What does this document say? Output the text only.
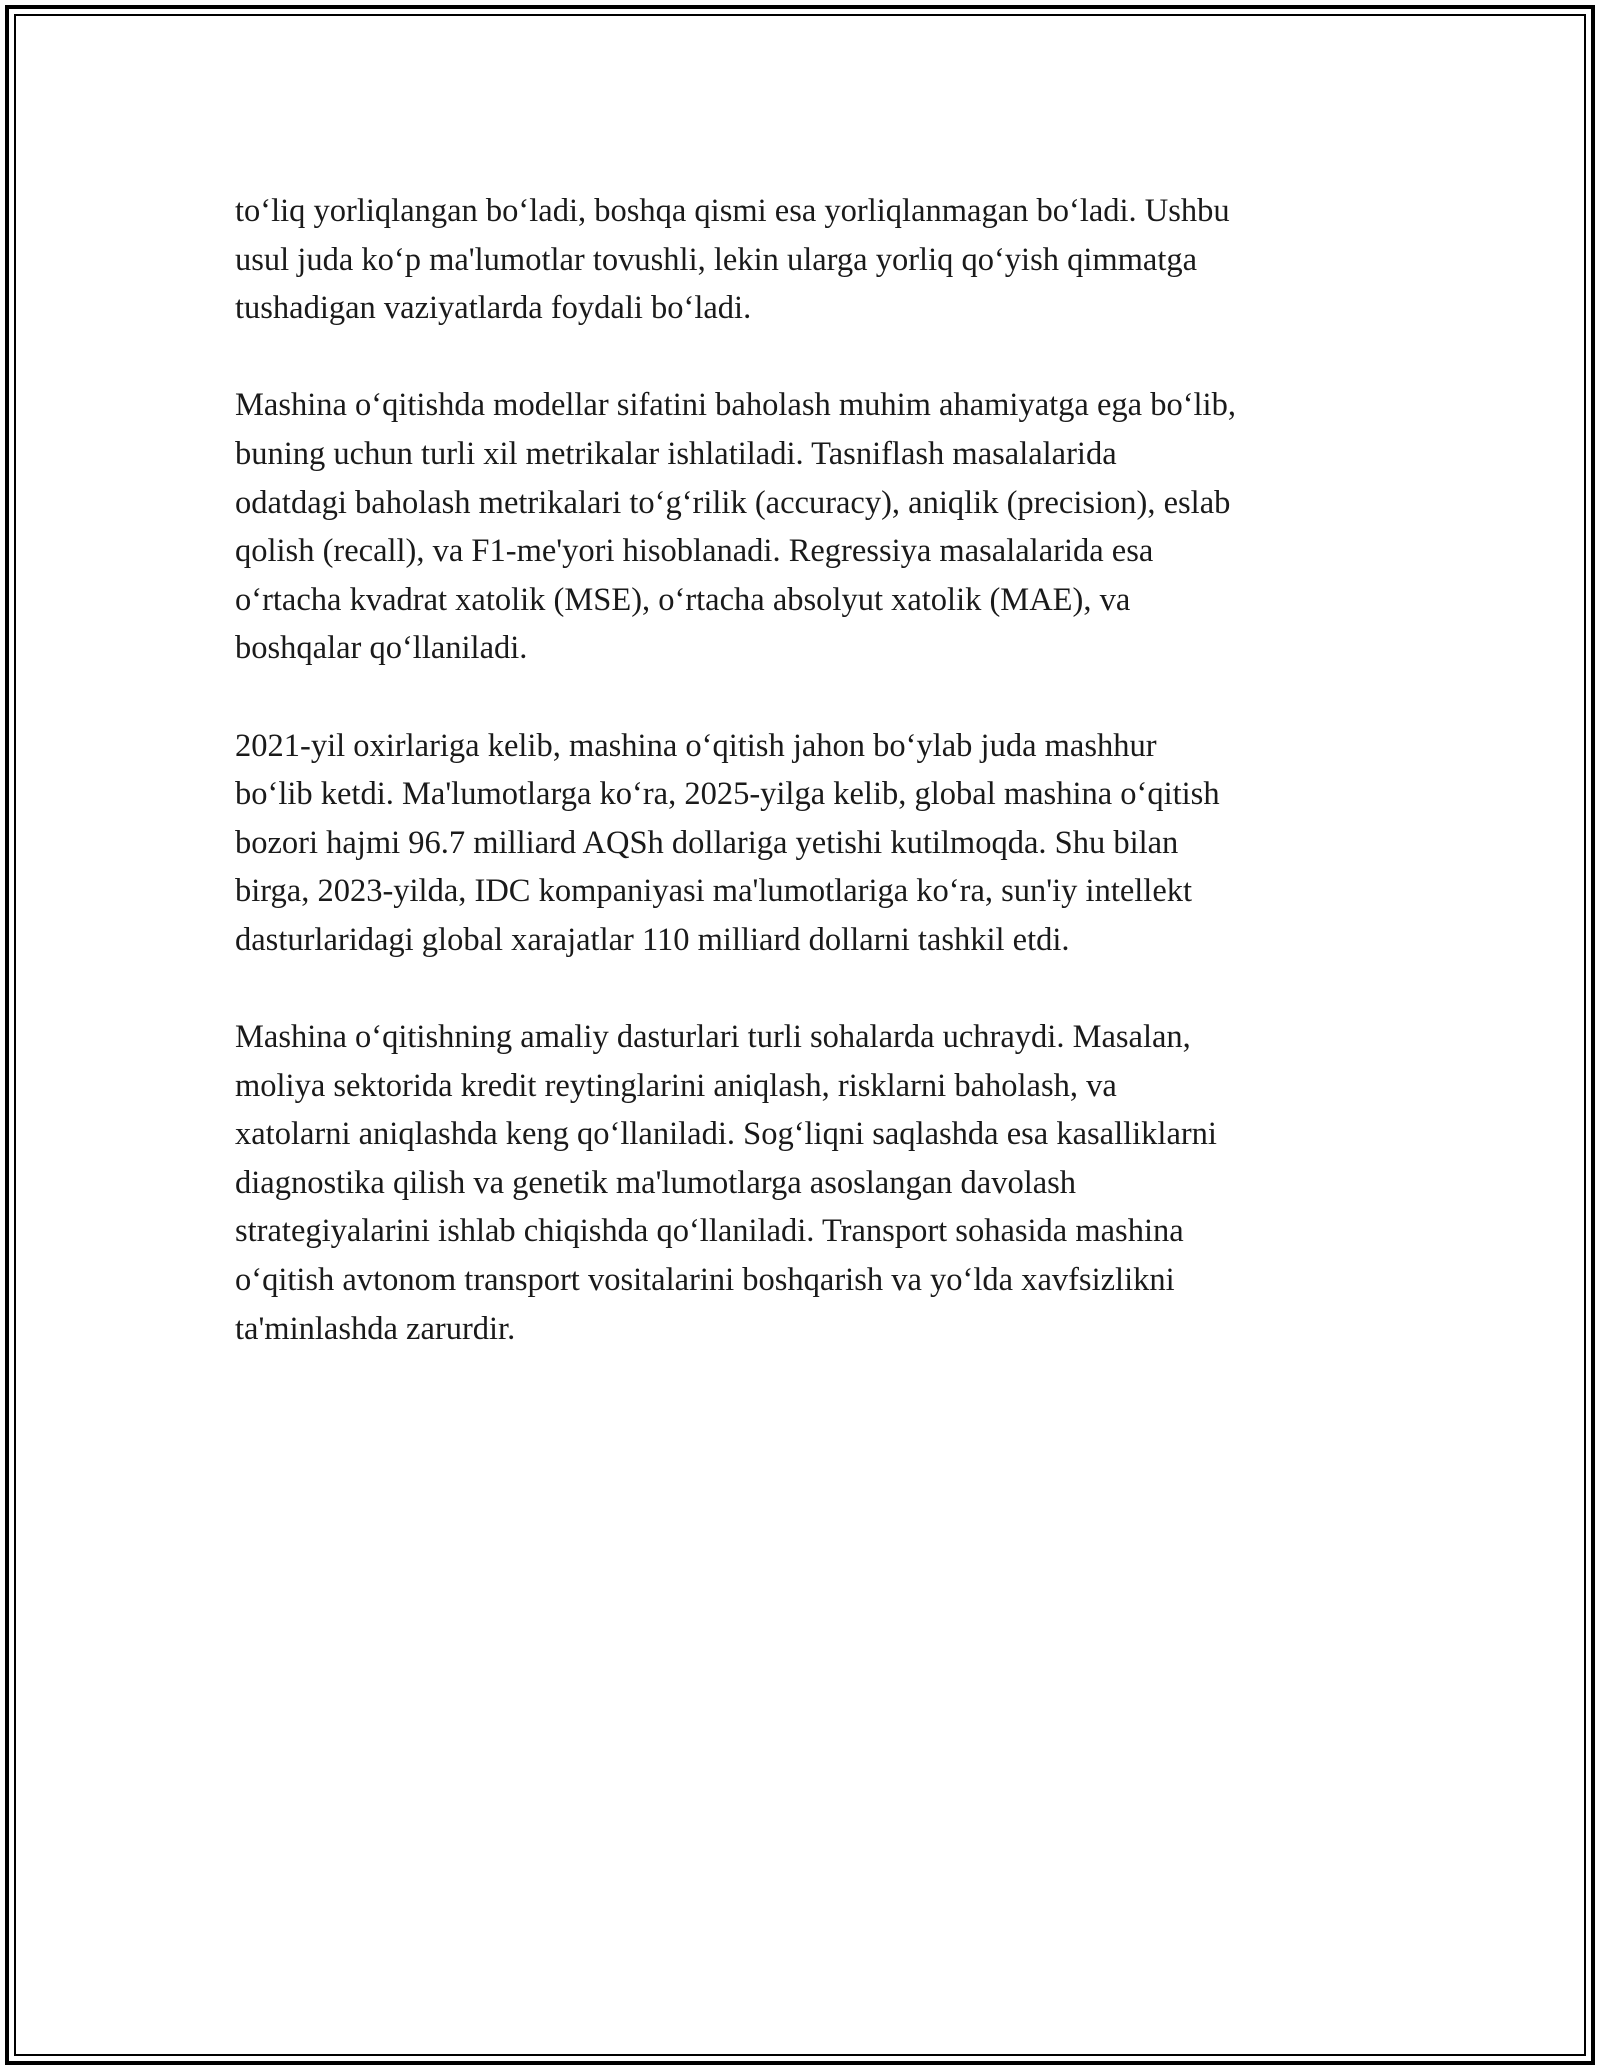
to‘liq yorliqlangan bo‘ladi, boshqa qismi esa yorliqlanmagan bo‘ladi. Ushbu
usul juda ko‘p ma'lumotlar tovushli, lekin ularga yorliq qo‘yish qimmatga
tushadigan vaziyatlarda foydali bo‘ladi.

Mashina o‘qitishda modellar sifatini baholash muhim ahamiyatga ega bo‘lib,
buning uchun turli xil metrikalar ishlatiladi. Tasniflash masalalarida
odatdagi baholash metrikalari to‘g‘rilik (accuracy), aniqlik (precision), eslab
qolish (recall), va F1-me'yori hisoblanadi. Regressiya masalalarida esa
o‘rtacha kvadrat xatolik (MSE), o‘rtacha absolyut xatolik (MAE), va
boshqalar qo‘llaniladi.

2021-yil oxirlariga kelib, mashina o‘qitish jahon bo‘ylab juda mashhur
bo‘lib ketdi. Ma'lumotlarga ko‘ra, 2025-yilga kelib, global mashina o‘qitish
bozori hajmi 96.7 milliard AQSh dollariga yetishi kutilmoqda. Shu bilan
birga, 2023-yilda, IDC kompaniyasi ma'lumotlariga ko‘ra, sun'iy intellekt
dasturlaridagi global xarajatlar 110 milliard dollarni tashkil etdi.

Mashina o‘qitishning amaliy dasturlari turli sohalarda uchraydi. Masalan,
moliya sektorida kredit reytinglarini aniqlash, risklarni baholash, va
xatolarni aniqlashda keng qo‘llaniladi. Sog‘liqni saqlashda esa kasalliklarni
diagnostika qilish va genetik ma'lumotlarga asoslangan davolash
strategiyalarini ishlab chiqishda qo‘llaniladi. Transport sohasida mashina
o‘qitish avtonom transport vositalarini boshqarish va yo‘lda xavfsizlikni
ta'minlashda zarurdir.
